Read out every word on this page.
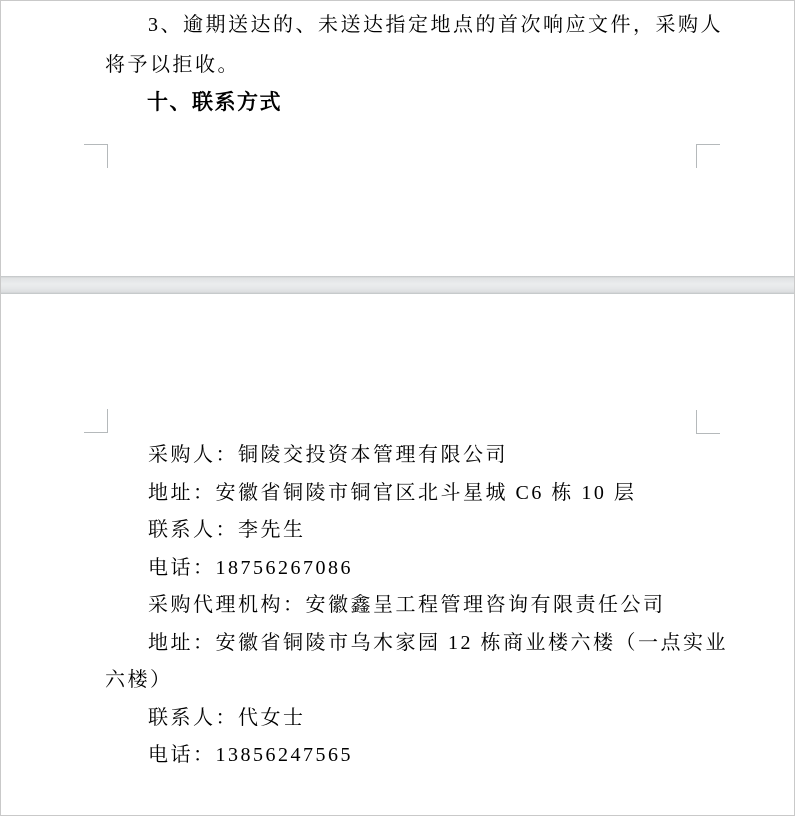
3、逾期送达的、未送达指定地点的首次响应文件，采购人
将予以拒收。
十、联系方式
采购人：铜陵交投资本管理有限公司
地址：安徽省铜陵市铜官区北斗星城 C6 栋 10 层
联系人：李先生
电话：18756267086
采购代理机构：安徽鑫呈工程管理咨询有限责任公司
地址：安徽省铜陵市乌木家园 12 栋商业楼六楼（一点实业
六楼）
联系人：代女士
电话：13856247565
